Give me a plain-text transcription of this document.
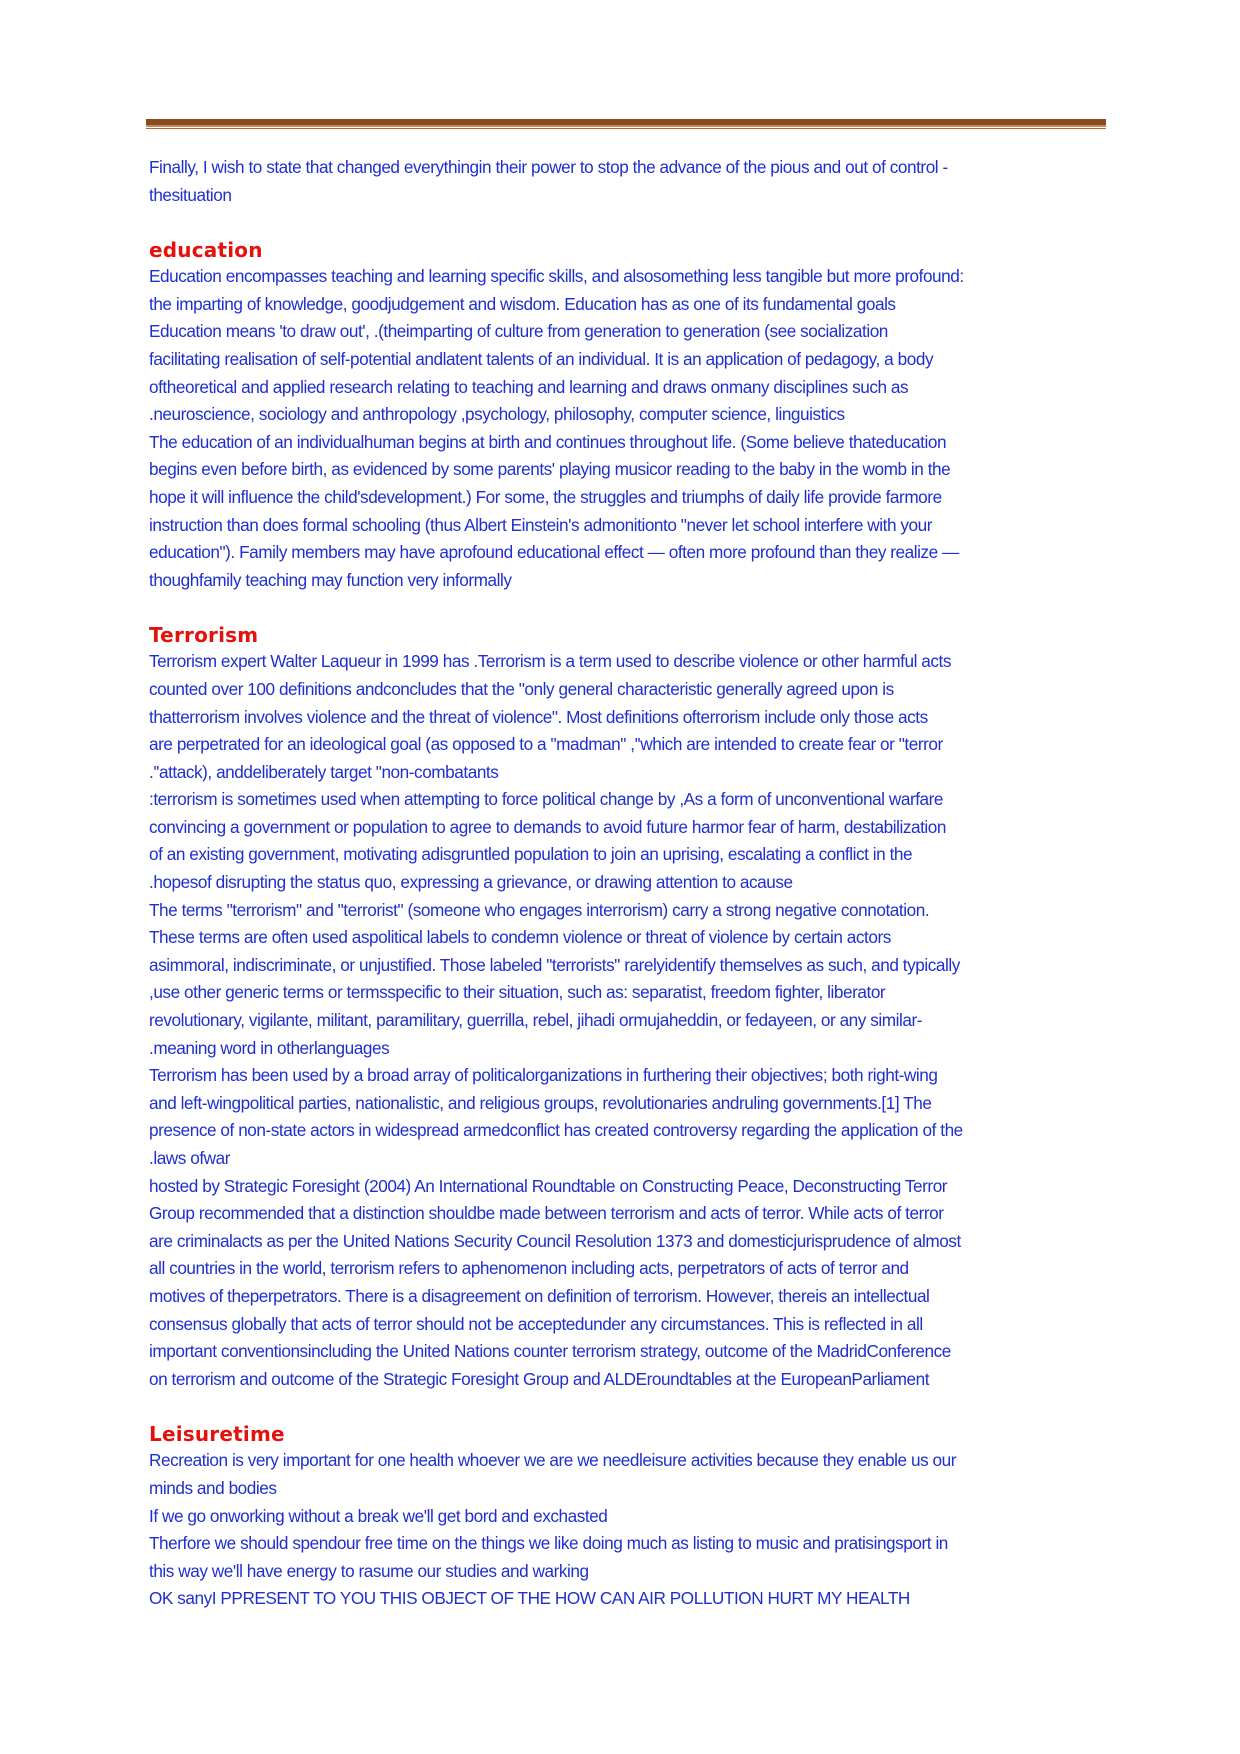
Finally, I wish to state that changed everythingin their power to stop the advance of the pious and out of control -
thesituation

education

Education encompasses teaching and learning specific skills, and alsosomething less tangible but more profound:
the imparting of knowledge, goodjudgement and wisdom. Education has as one of its fundamental goals
Education means 'to draw out', .(theimparting of culture from generation to generation (see socialization
facilitating realisation of self-potential andlatent talents of an individual. It is an application of pedagogy, a body
oftheoretical and applied research relating to teaching and learning and draws onmany disciplines such as
.neuroscience, sociology and anthropology ,psychology, philosophy, computer science, linguistics
The education of an individualhuman begins at birth and continues throughout life. (Some believe thateducation
begins even before birth, as evidenced by some parents' playing musicor reading to the baby in the womb in the
hope it will influence the child'sdevelopment.) For some, the struggles and triumphs of daily life provide farmore
instruction than does formal schooling (thus Albert Einstein's admonitionto "never let school interfere with your
education"). Family members may have aprofound educational effect — often more profound than they realize —
thoughfamily teaching may function very informally

Terrorism

Terrorism expert Walter Laqueur in 1999 has .Terrorism is a term used to describe violence or other harmful acts
counted over 100 definitions andconcludes that the "only general characteristic generally agreed upon is
thatterrorism involves violence and the threat of violence". Most definitions ofterrorism include only those acts
are perpetrated for an ideological goal (as opposed to a "madman" ,''which are intended to create fear or "terror
.''attack), anddeliberately target "non-combatants
:terrorism is sometimes used when attempting to force political change by ,As a form of unconventional warfare
convincing a government or population to agree to demands to avoid future harmor fear of harm, destabilization
of an existing government, motivating adisgruntled population to join an uprising, escalating a conflict in the
.hopesof disrupting the status quo, expressing a grievance, or drawing attention to acause
The terms "terrorism" and "terrorist" (someone who engages interrorism) carry a strong negative connotation.
These terms are often used aspolitical labels to condemn violence or threat of violence by certain actors
asimmoral, indiscriminate, or unjustified. Those labeled "terrorists" rarelyidentify themselves as such, and typically
,use other generic terms or termsspecific to their situation, such as: separatist, freedom fighter, liberator
revolutionary, vigilante, militant, paramilitary, guerrilla, rebel, jihadi ormujaheddin, or fedayeen, or any similar-
.meaning word in otherlanguages
Terrorism has been used by a broad array of politicalorganizations in furthering their objectives; both right-wing
and left-wingpolitical parties, nationalistic, and religious groups, revolutionaries andruling governments.[1] The
presence of non-state actors in widespread armedconflict has created controversy regarding the application of the
.laws ofwar
hosted by Strategic Foresight (2004) An International Roundtable on Constructing Peace, Deconstructing Terror
Group recommended that a distinction shouldbe made between terrorism and acts of terror. While acts of terror
are criminalacts as per the United Nations Security Council Resolution 1373 and domesticjurisprudence of almost
all countries in the world, terrorism refers to aphenomenon including acts, perpetrators of acts of terror and
motives of theperpetrators. There is a disagreement on definition of terrorism. However, thereis an intellectual
consensus globally that acts of terror should not be acceptedunder any circumstances. This is reflected in all
important conventionsincluding the United Nations counter terrorism strategy, outcome of the MadridConference
on terrorism and outcome of the Strategic Foresight Group and ALDEroundtables at the EuropeanParliament

Leisuretime

Recreation is very important for one health whoever we are we needleisure activities because they enable us our
minds and bodies
If we go onworking without a break we'll get bord and exchasted
Therfore we should spendour free time on the things we like doing much as listing to music and pratisingsport in
this way we'll have energy to rasume our studies and warking
OK sanyI PPRESENT TO YOU THIS OBJECT OF THE HOW CAN AIR POLLUTION HURT MY HEALTH
